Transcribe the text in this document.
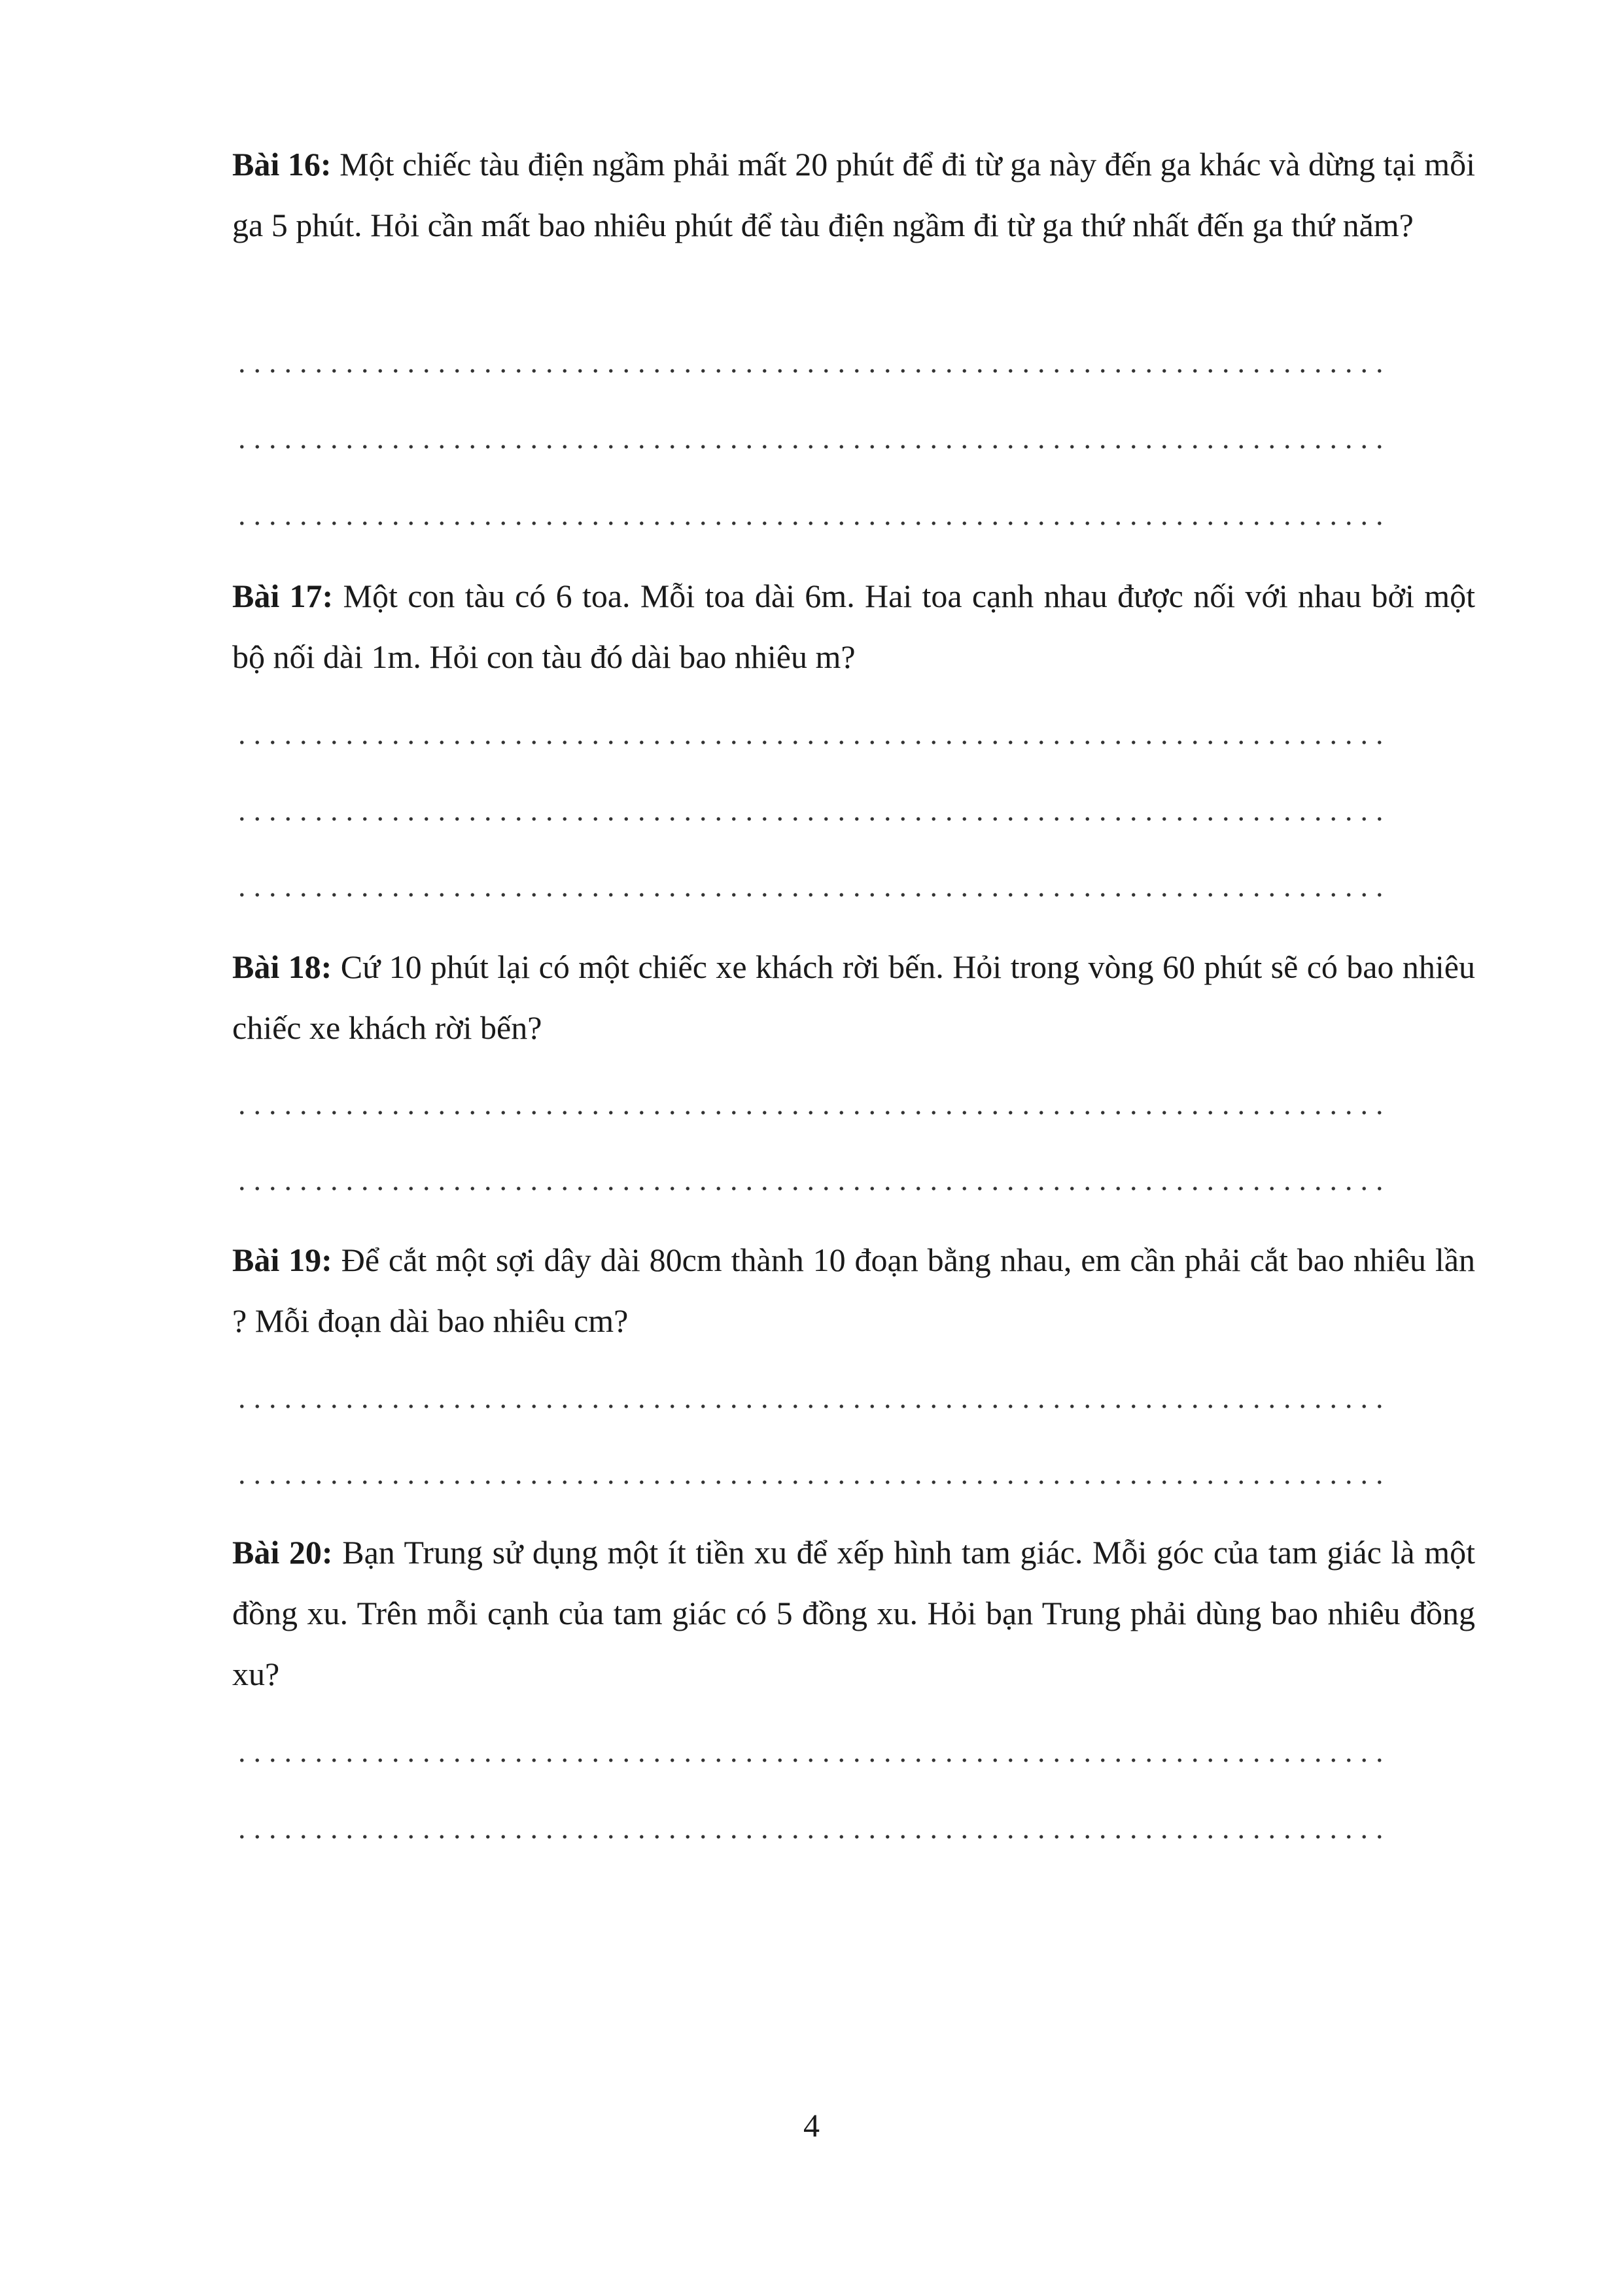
Bài 16: Một chiếc tàu điện ngầm phải mất 20 phút để đi từ ga này đến ga khác và dừng tại mỗi ga 5 phút. Hỏi cần mất bao nhiêu phút để tàu điện ngầm đi từ ga thứ nhất đến ga thứ năm?

Bài 17: Một con tàu có 6 toa. Mỗi toa dài 6m. Hai toa cạnh nhau được nối với nhau bởi một bộ nối dài 1m. Hỏi con tàu đó dài bao nhiêu m?

Bài 18: Cứ 10 phút lại có một chiếc xe khách rời bến. Hỏi trong vòng 60 phút sẽ có bao nhiêu chiếc xe khách rời bến?

Bài 19: Để cắt một sợi dây dài 80cm thành 10 đoạn bằng nhau, em cần phải cắt bao nhiêu lần ? Mỗi đoạn dài bao nhiêu cm?

Bài 20: Bạn Trung sử dụng một ít tiền xu để xếp hình tam giác. Mỗi góc của tam giác là một đồng xu. Trên mỗi cạnh của tam giác có 5 đồng xu. Hỏi bạn Trung phải dùng bao nhiêu đồng xu?

4
